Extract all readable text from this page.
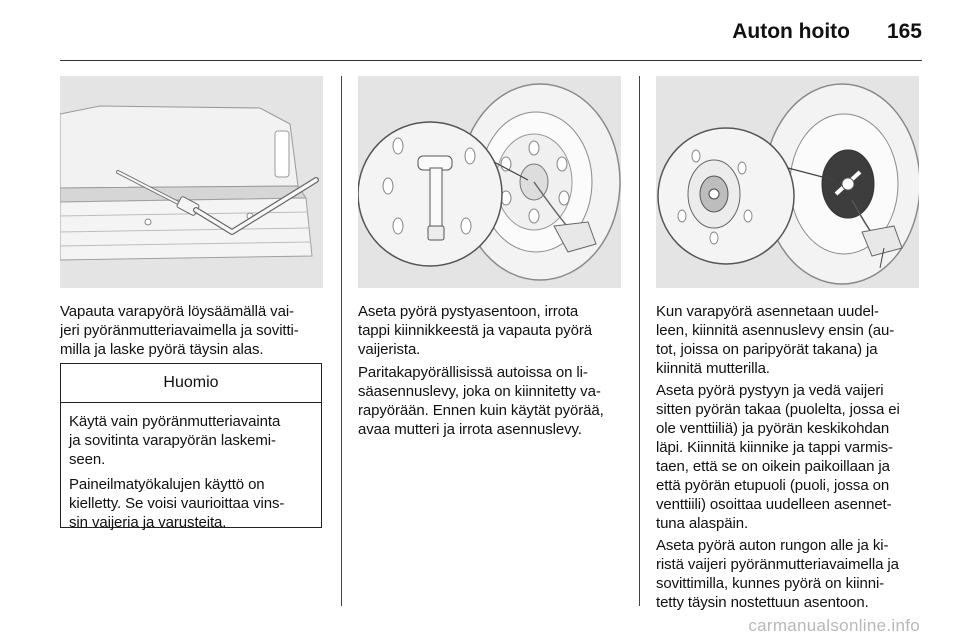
Auton hoito	165

Vapauta varapyörä löysäämällä vai-
jeri pyöränmutteriavaimella ja sovitti-
milla ja laske pyörä täysin alas.

Huomio

Käytä vain pyöränmutteriavainta
ja sovitinta varapyörän laskemi-
seen.

Paineilmatyökalujen käyttö on
kielletty. Se voisi vaurioittaa vins-
sin vaijeria ja varusteita.

Aseta pyörä pystyasentoon, irrota
tappi kiinnikkeestä ja vapauta pyörä
vaijerista.

Paritakapyörällisissä autoissa on li-
säasennuslevy, joka on kiinnitetty va-
rapyörään. Ennen kuin käytät pyörää,
avaa mutteri ja irrota asennuslevy.

Kun varapyörä asennetaan uudel-
leen, kiinnitä asennuslevy ensin (au-
tot, joissa on paripyörät takana) ja
kiinnitä mutterilla.

Aseta pyörä pystyyn ja vedä vaijeri
sitten pyörän takaa (puolelta, jossa ei
ole venttiiliä) ja pyörän keskikohdan
läpi. Kiinnitä kiinnike ja tappi varmis-
taen, että se on oikein paikoillaan ja
että pyörän etupuoli (puoli, jossa on
venttiili) osoittaa uudelleen asennet-
tuna alaspäin.

Aseta pyörä auton rungon alle ja ki-
ristä vaijeri pyöränmutteriavaimella ja
sovittimilla, kunnes pyörä on kiinni-
tetty täysin nostettuun asentoon.

carmanualsonline.info
